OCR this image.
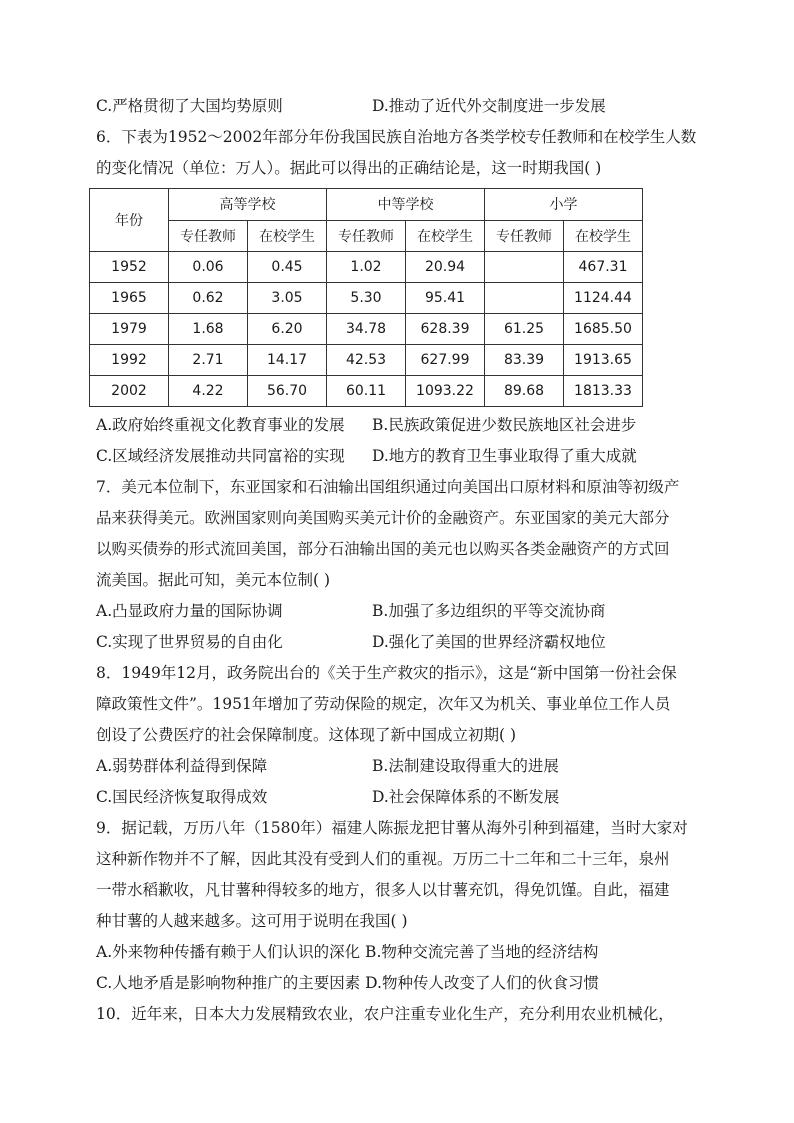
C.严格贯彻了大国均势原则	D.推动了近代外交制度进一步发展
6．下表为1952～2002年部分年份我国民族自治地方各类学校专任教师和在校学生人数
的变化情况（单位：万人）。据此可以得出的正确结论是，这一时期我国( )
年份	高等学校		中等学校		小学	
	专任教师	在校学生	专任教师	在校学生	专任教师	在校学生
1952	0.06	0.45	1.02	20.94		467.31
1965	0.62	3.05	5.30	95.41		1124.44
1979	1.68	6.20	34.78	628.39	61.25	1685.50
1992	2.71	14.17	42.53	627.99	83.39	1913.65
2002	4.22	56.70	60.11	1093.22	89.68	1813.33
A.政府始终重视文化教育事业的发展 B.民族政策促进少数民族地区社会进步
C.区域经济发展推动共同富裕的实现 D.地方的教育卫生事业取得了重大成就
7．美元本位制下，东亚国家和石油输出国组织通过向美国出口原材料和原油等初级产
品来获得美元。欧洲国家则向美国购买美元计价的金融资产。东亚国家的美元大部分
以购买债券的形式流回美国，部分石油输出国的美元也以购买各类金融资产的方式回
流美国。据此可知，美元本位制( )
A.凸显政府力量的国际协调	B.加强了多边组织的平等交流协商
C.实现了世界贸易的自由化	D.强化了美国的世界经济霸权地位
8．1949年12月，政务院出台的《关于生产救灾的指示》，这是“新中国第一份社会保
障政策性文件”。1951年增加了劳动保险的规定，次年又为机关、事业单位工作人员
创设了公费医疗的社会保障制度。这体现了新中国成立初期( )
A.弱势群体利益得到保障	B.法制建设取得重大的进展
C.国民经济恢复取得成效	D.社会保障体系的不断发展
9．据记载，万历八年（1580年）福建人陈振龙把甘薯从海外引种到福建，当时大家对
这种新作物并不了解，因此其没有受到人们的重视。万历二十二年和二十三年，泉州
一带水稻歉收，凡甘薯种得较多的地方，很多人以甘薯充饥，得免饥馑。自此，福建
种甘薯的人越来越多。这可用于说明在我国( )
A.外来物种传播有赖于人们认识的深化 B.物种交流完善了当地的经济结构
C.人地矛盾是影响物种推广的主要因素 D.物种传人改变了人们的伙食习惯
10．近年来，日本大力发展精致农业，农户注重专业化生产，充分利用农业机械化，
